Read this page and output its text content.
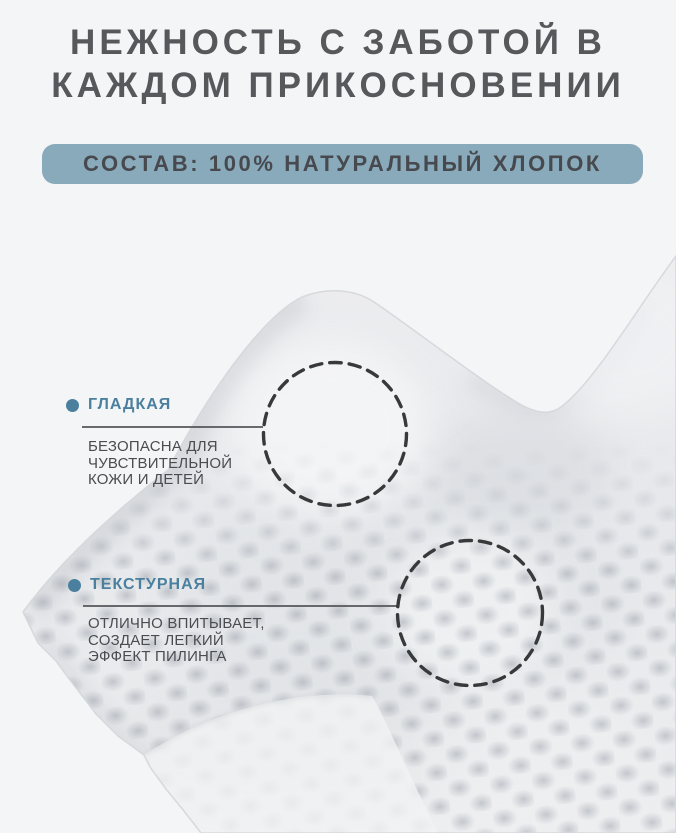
НЕЖНОСТЬ С ЗАБОТОЙ В
КАЖДОМ ПРИКОСНОВЕНИИ
СОСТАВ: 100% НАТУРАЛЬНЫЙ ХЛОПОК
ГЛАДКАЯ
БЕЗОПАСНА ДЛЯ
ЧУВСТВИТЕЛЬНОЙ
КОЖИ И ДЕТЕЙ
ТЕКСТУРНАЯ
ОТЛИЧНО ВПИТЫВАЕТ,
СОЗДАЕТ ЛЕГКИЙ
ЭФФЕКТ ПИЛИНГА
